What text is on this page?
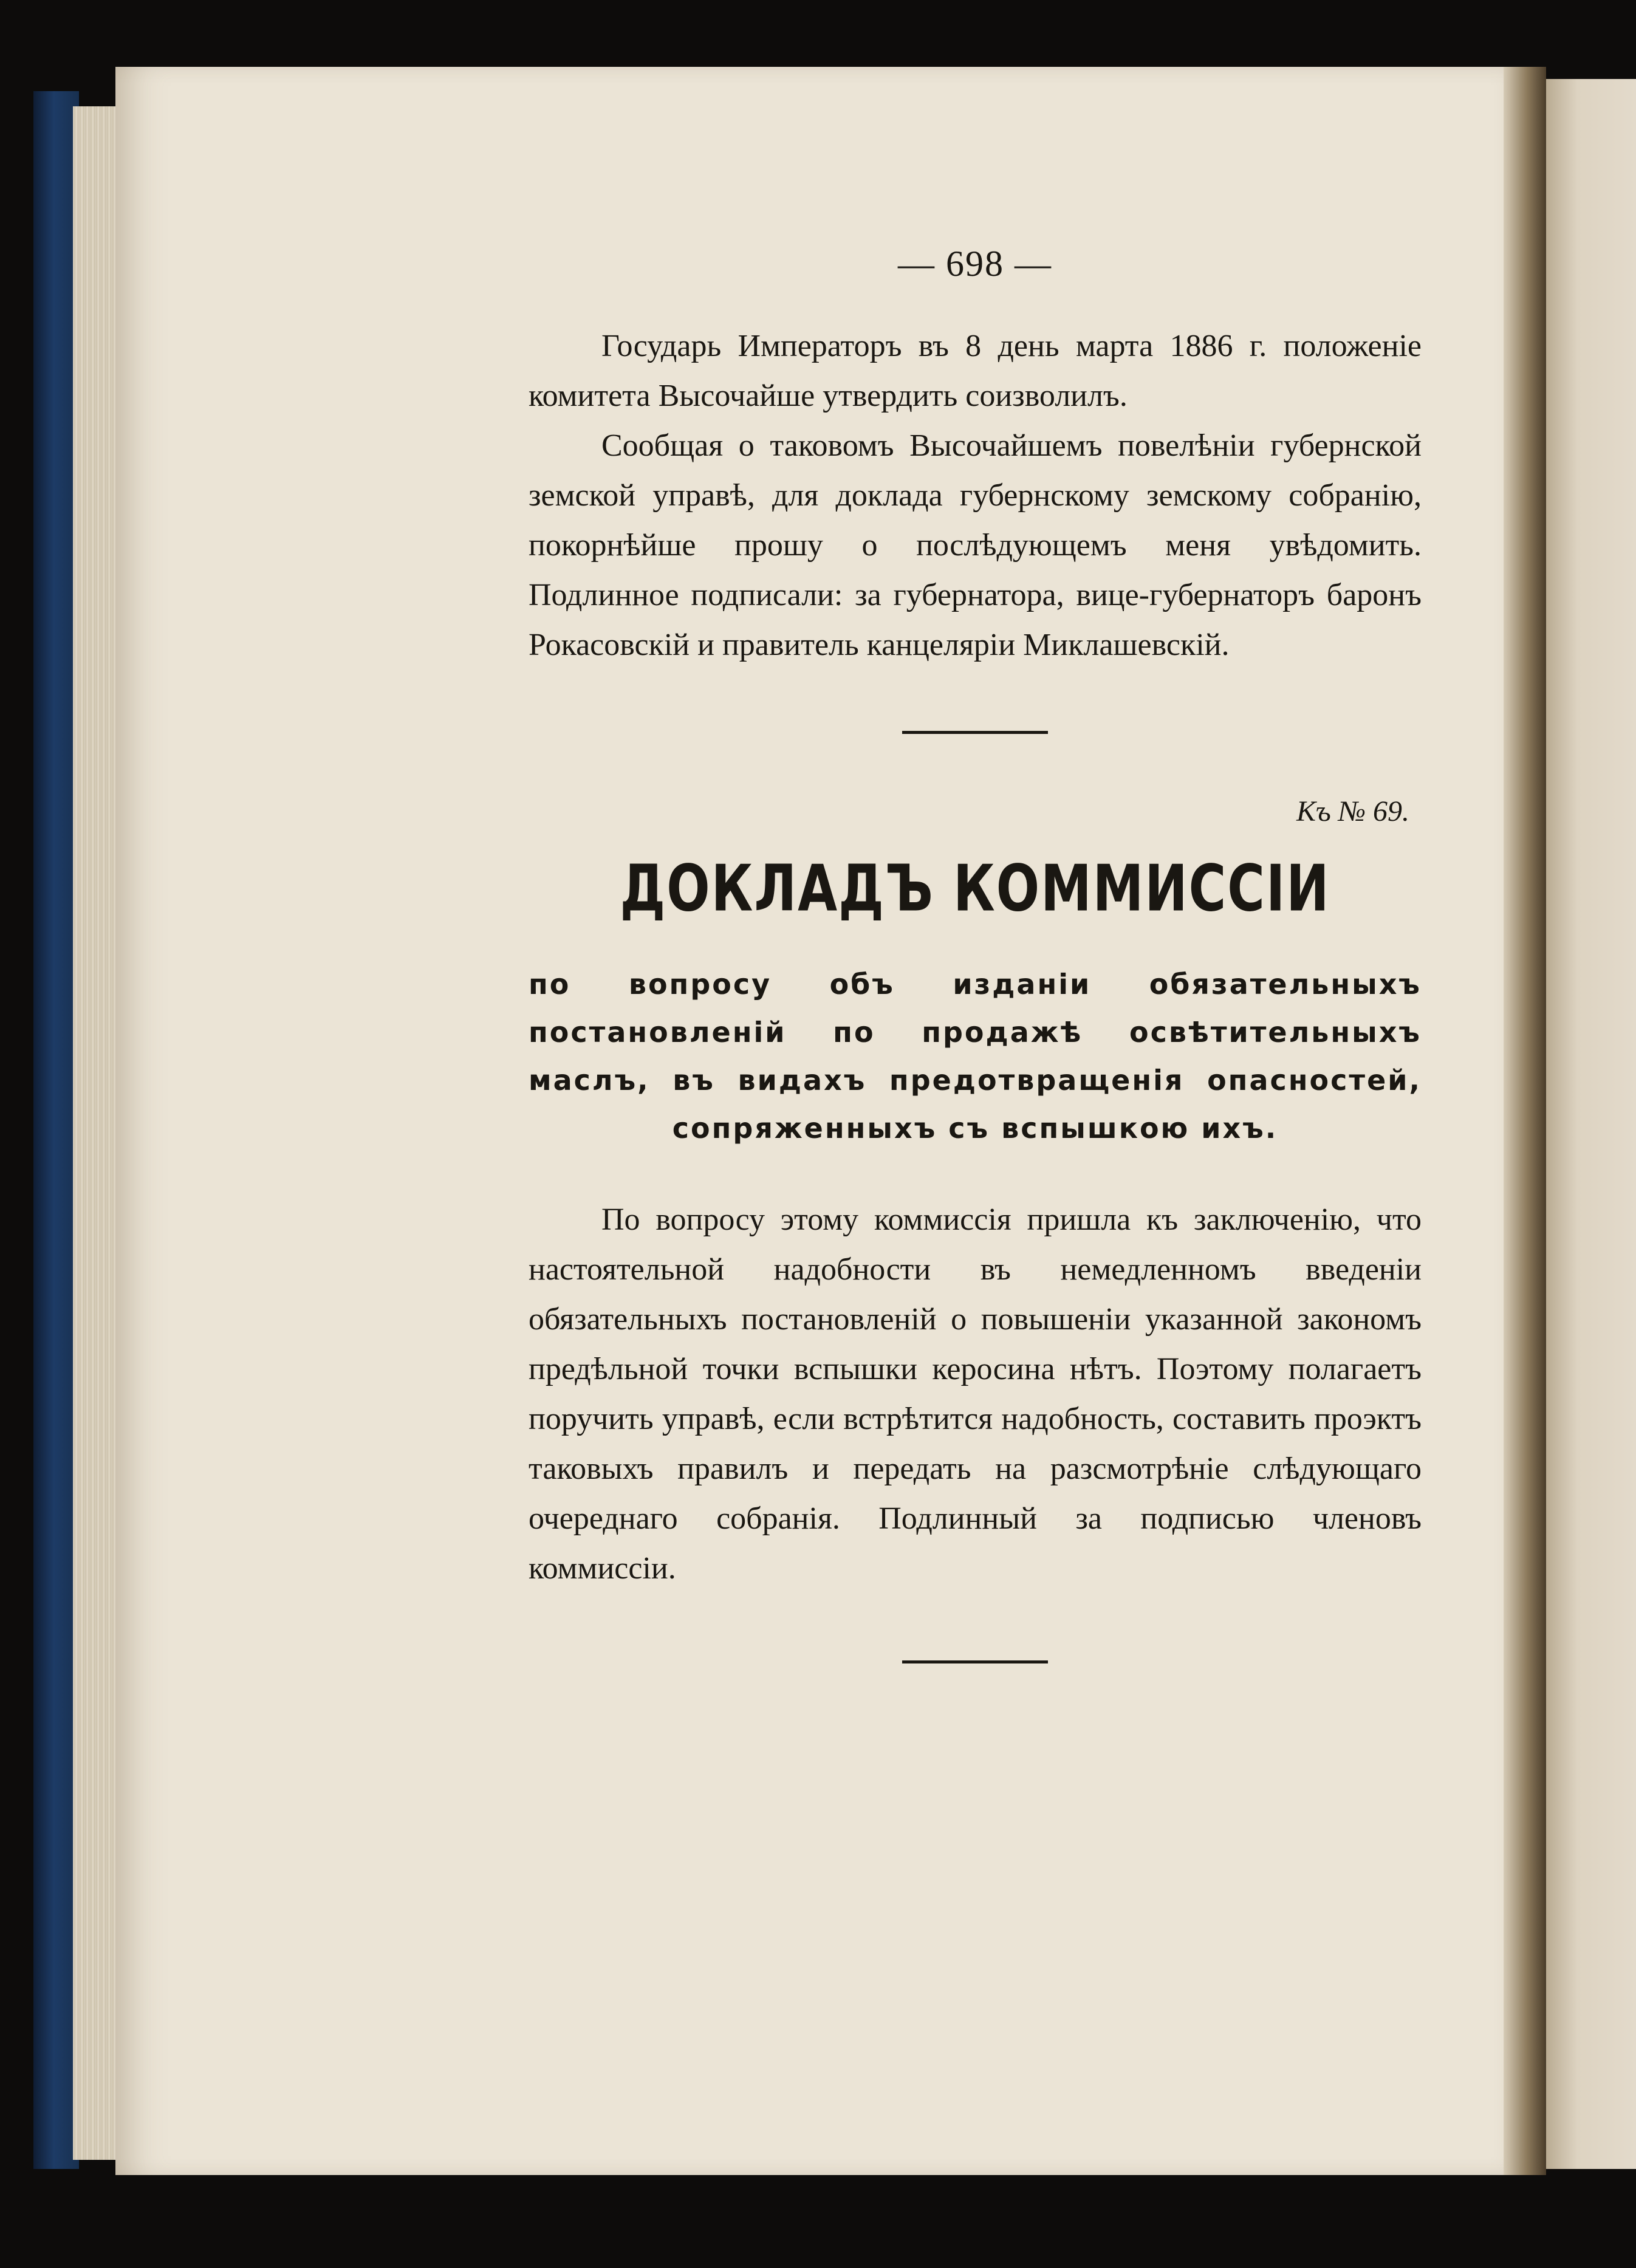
— 698 —

Государь Императоръ въ 8 день марта 1886 г. положеніе комитета Высочайше утвердить соизволилъ.

Сообщая о таковомъ Высочайшемъ повелѣніи губернской земской управѣ, для доклада губернскому земскому собранію, покорнѣйше прошу о послѣдующемъ меня увѣдомить. Подлинное подписали: за губернатора, вице-губернаторъ баронъ Рокасовскій и правитель канцеляріи Миклашевскій.

Къ № 69.
ДОКЛАДЪ КОММИССІИ
по вопросу объ изданіи обязательныхъ постановленій по продажѣ освѣтительныхъ маслъ, въ видахъ предотвращенія опасностей, сопряженныхъ съ вспышкою ихъ.

По вопросу этому коммиссія пришла къ заключенію, что настоятельной надобности въ немедленномъ введеніи обязательныхъ постановленій о повышеніи указанной закономъ предѣльной точки вспышки керосина нѣтъ. Поэтому полагаетъ поручить управѣ, если встрѣтится надобность, составить проэктъ таковыхъ правилъ и передать на разсмотрѣніе слѣдующаго очереднаго собранія. Подлинный за подписью членовъ коммиссіи.
